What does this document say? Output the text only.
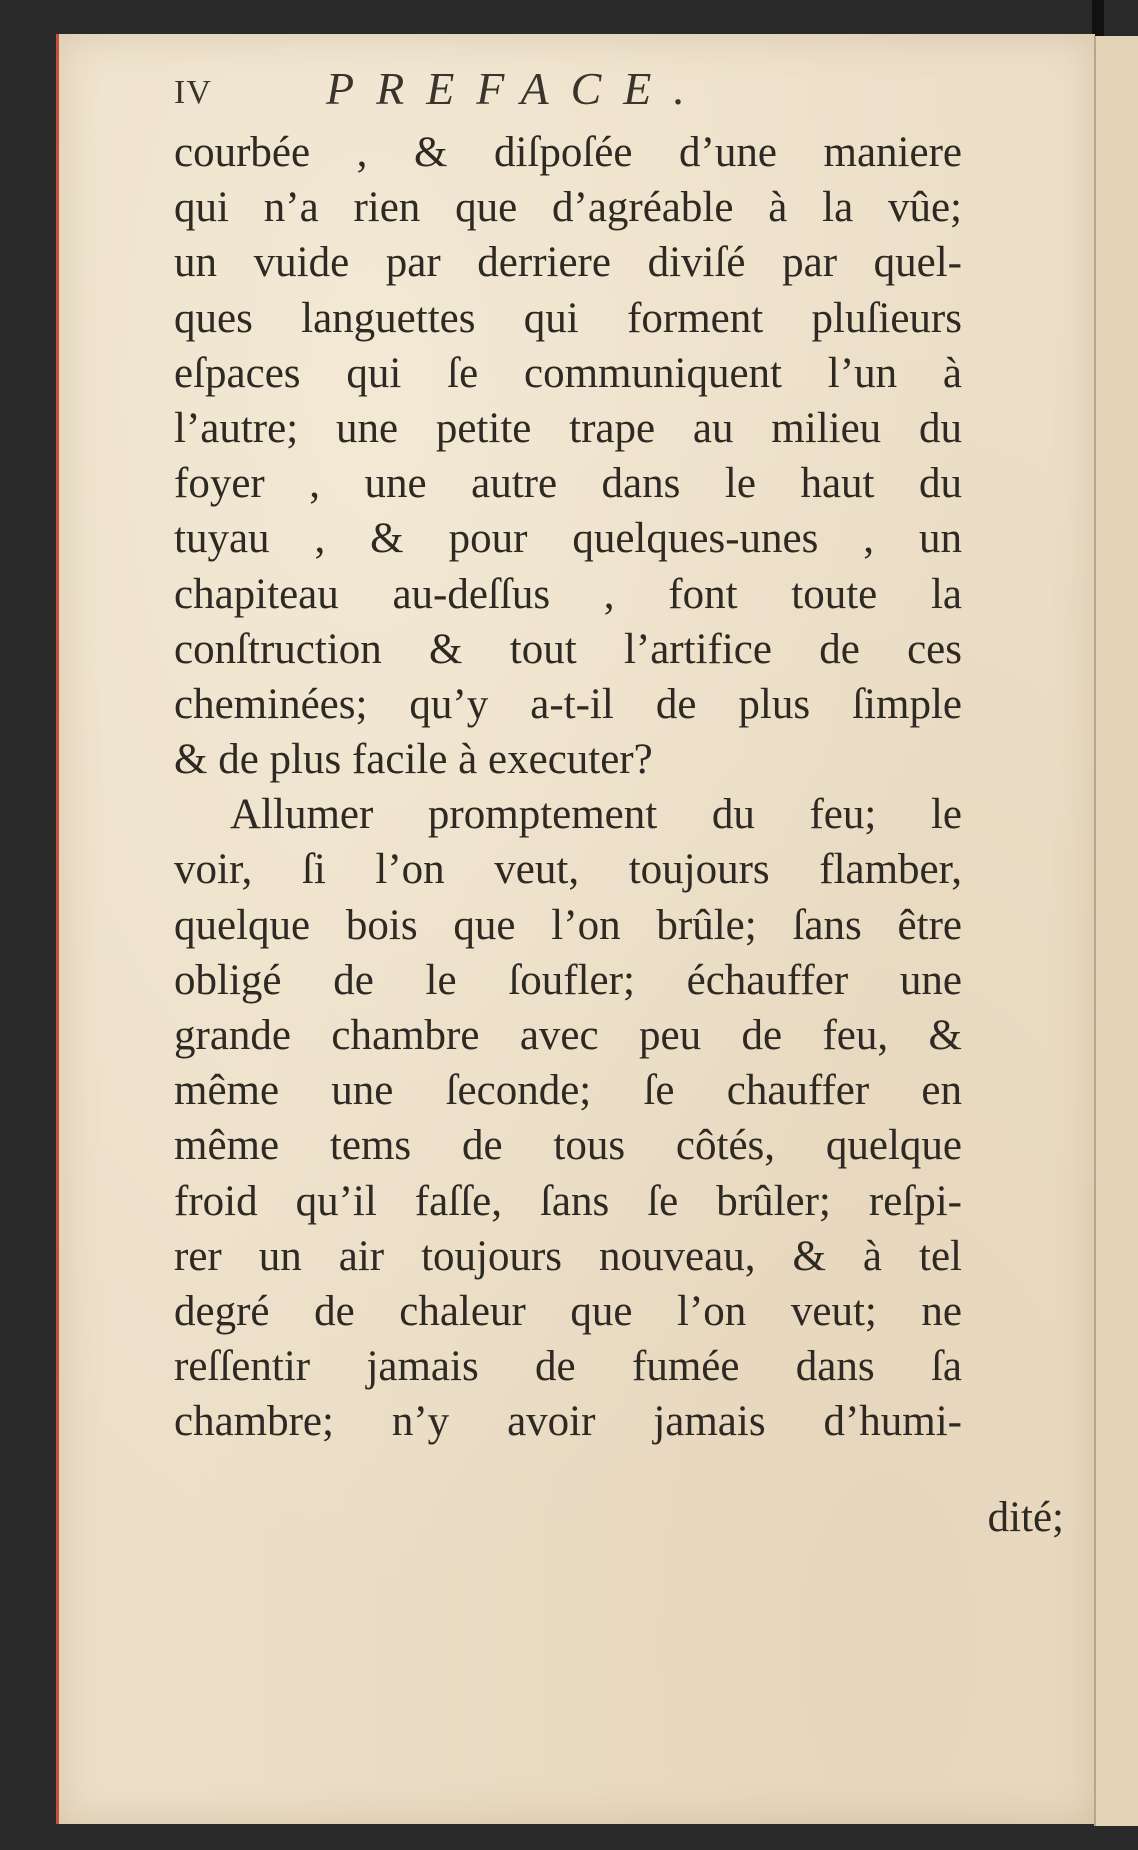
IV PREFACE.
courbée , & diſpoſée d’une maniere
qui n’a rien que d’agréable à la vûe;
un vuide par derriere diviſé par quel-
ques languettes qui forment pluſieurs
eſpaces qui ſe communiquent l’un à
l’autre; une petite trape au milieu du
foyer , une autre dans le haut du
tuyau , & pour quelques-unes , un
chapiteau au-deſſus , font toute la
conſtruction & tout l’artifice de ces
cheminées; qu’y a-t-il de plus ſimple
& de plus facile à executer?
Allumer promptement du feu; le
voir, ſi l’on veut, toujours flamber,
quelque bois que l’on brûle; ſans être
obligé de le ſoufler; échauffer une
grande chambre avec peu de feu, &
même une ſeconde; ſe chauffer en
même tems de tous côtés, quelque
froid qu’il faſſe, ſans ſe brûler; reſpi-
rer un air toujours nouveau, & à tel
degré de chaleur que l’on veut; ne
reſſentir jamais de fumée dans ſa
chambre; n’y avoir jamais d’humi-
dité;
